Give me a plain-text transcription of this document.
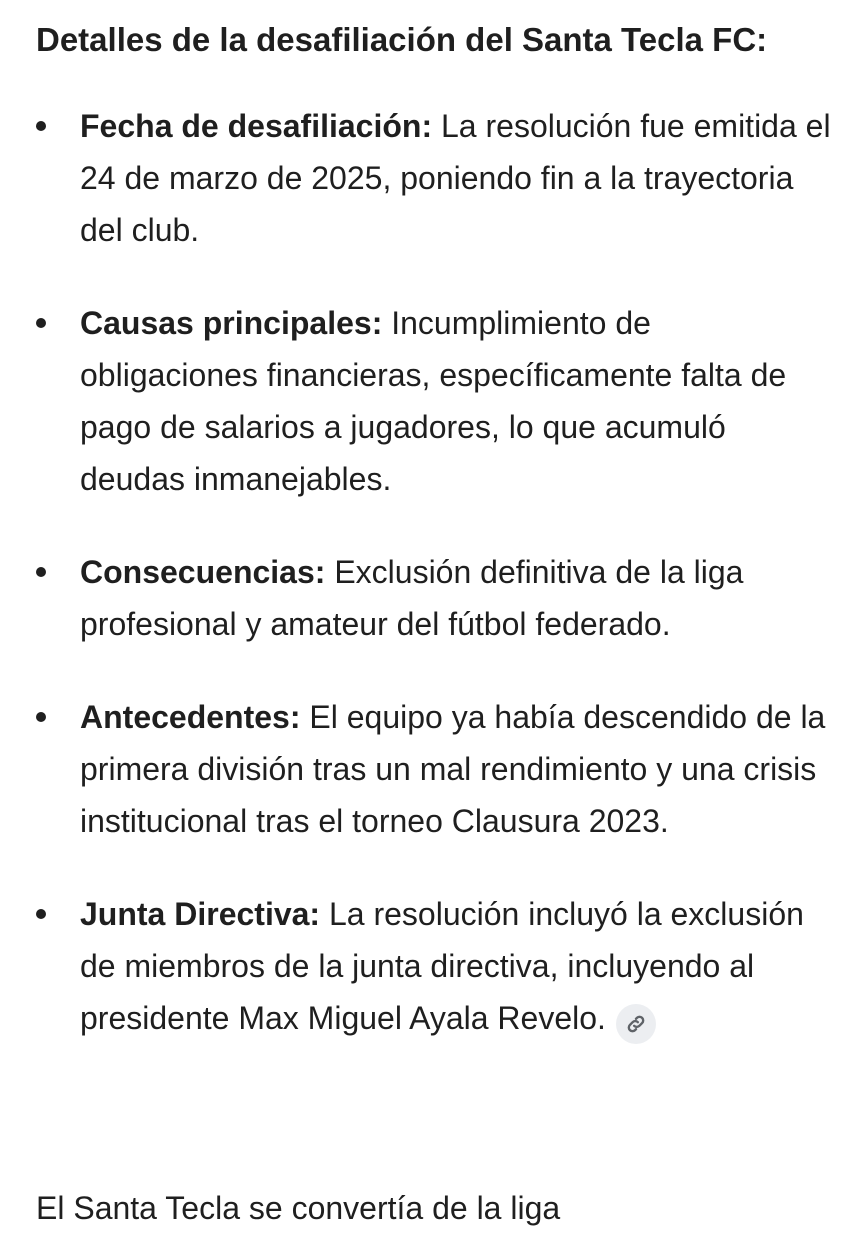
Detalles de la desafiliación del Santa Tecla FC:
Fecha de desafiliación: La resolución fue emitida el 24 de marzo de 2025, poniendo fin a la trayectoria del club.
Causas principales: Incumplimiento de obligaciones financieras, específicamente falta de pago de salarios a jugadores, lo que acumuló deudas inmanejables.
Consecuencias: Exclusión definitiva de la liga profesional y amateur del fútbol federado.
Antecedentes: El equipo ya había descendido de la primera división tras un mal rendimiento y una crisis institucional tras el torneo Clausura 2023.
Junta Directiva: La resolución incluyó la exclusión de miembros de la junta directiva, incluyendo al presidente Max Miguel Ayala Revelo.
El Santa Tecla se convertía de la liga
